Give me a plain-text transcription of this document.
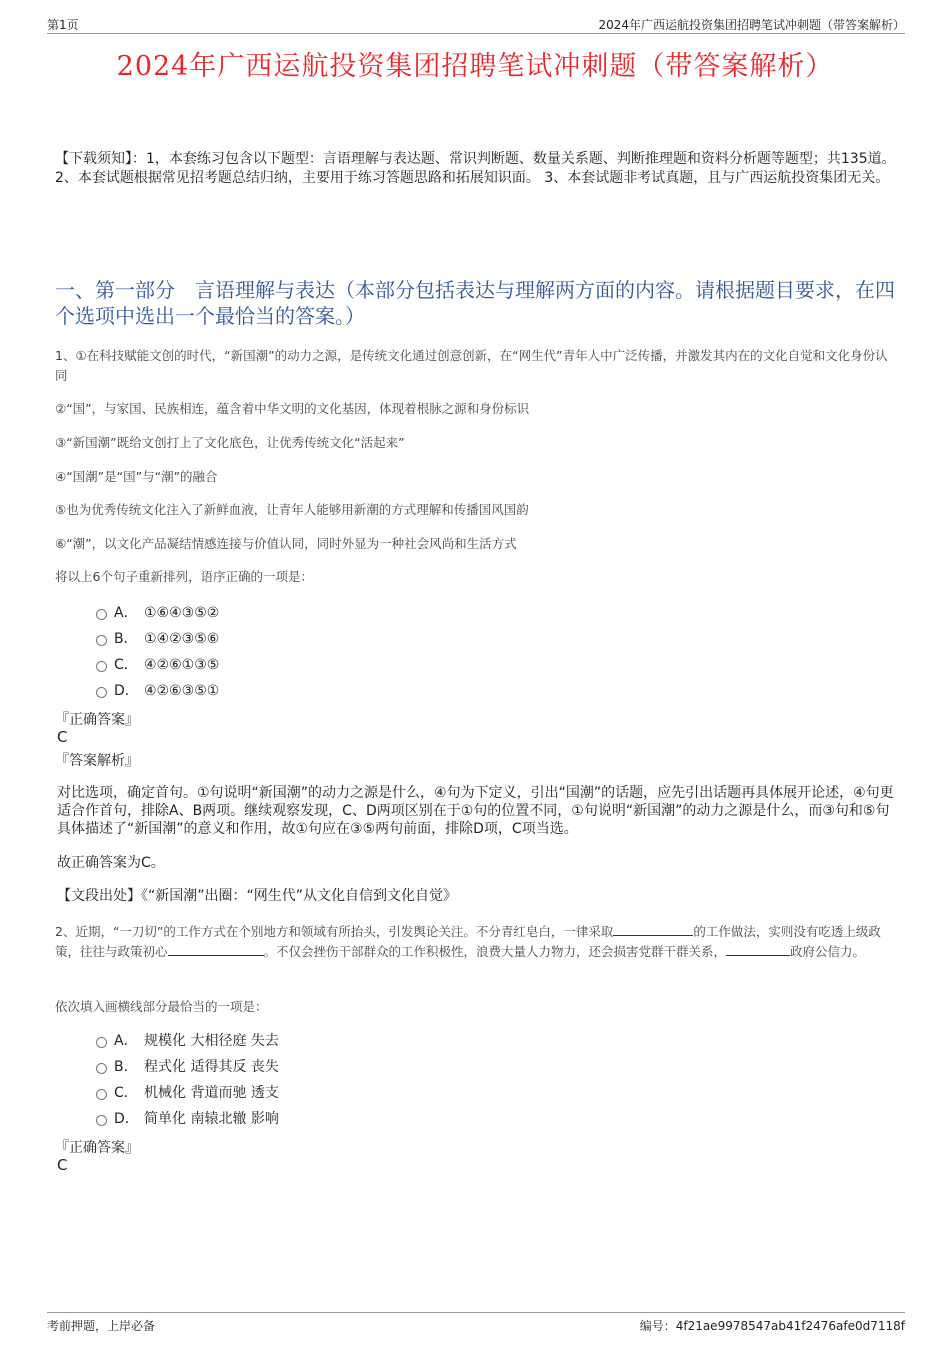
第1页	2024年广西运航投资集团招聘笔试冲刺题（带答案解析）
2024年广西运航投资集团招聘笔试冲刺题（带答案解析）
【下载须知】：1，本套练习包含以下题型：言语理解与表达题、常识判断题、数量关系题、判断推理题和资料分析题等题型；共135道。 2、本套试题根据常见招考题总结归纳，主要用于练习答题思路和拓展知识面。 3、本套试题非考试真题，且与广西运航投资集团无关。
一、第一部分　言语理解与表达（本部分包括表达与理解两方面的内容。请根据题目要求，在四个选项中选出一个最恰当的答案。）
1、①在科技赋能文创的时代，“新国潮”的动力之源，是传统文化通过创意创新，在“网生代”青年人中广泛传播，并激发其内在的文化自觉和文化身份认同
②“国”，与家国、民族相连，蕴含着中华文明的文化基因，体现着根脉之源和身份标识
③“新国潮”既给文创打上了文化底色，让优秀传统文化“活起来”
④“国潮”是“国”与“潮”的融合
⑤也为优秀传统文化注入了新鲜血液，让青年人能够用新潮的方式理解和传播国风国韵
⑥“潮”，以文化产品凝结情感连接与价值认同，同时外显为一种社会风尚和生活方式
将以上6个句子重新排列，语序正确的一项是：
A． ①⑥④③⑤②
B． ①④②③⑤⑥
C． ④②⑥①③⑤
D． ④②⑥③⑤①
『正确答案』
C
『答案解析』
对比选项，确定首句。①句说明“新国潮”的动力之源是什么，④句为下定义，引出“国潮”的话题，应先引出话题再具体展开论述，④句更适合作首句，排除A、B两项。继续观察发现，C、D两项区别在于①句的位置不同，①句说明“新国潮”的动力之源是什么，而③句和⑤句具体描述了“新国潮”的意义和作用，故①句应在③⑤两句前面，排除D项，C项当选。
故正确答案为C。
【文段出处】《“新国潮”出圈：“网生代”从文化自信到文化自觉》
2、近期，“一刀切”的工作方式在个别地方和领域有所抬头，引发舆论关注。不分青红皂白，一律采取	的工作做法，实则没有吃透上级政策，往往与政策初心	。不仅会挫伤干部群众的工作积极性，浪费大量人力物力，还会损害党群干群关系，	政府公信力。
依次填入画横线部分最恰当的一项是：
A． 规模化 大相径庭 失去
B． 程式化 适得其反 丧失
C． 机械化 背道而驰 透支
D． 简单化 南辕北辙 影响
『正确答案』
C
考前押题，上岸必备	编号：4f21ae9978547ab41f2476afe0d7118f
